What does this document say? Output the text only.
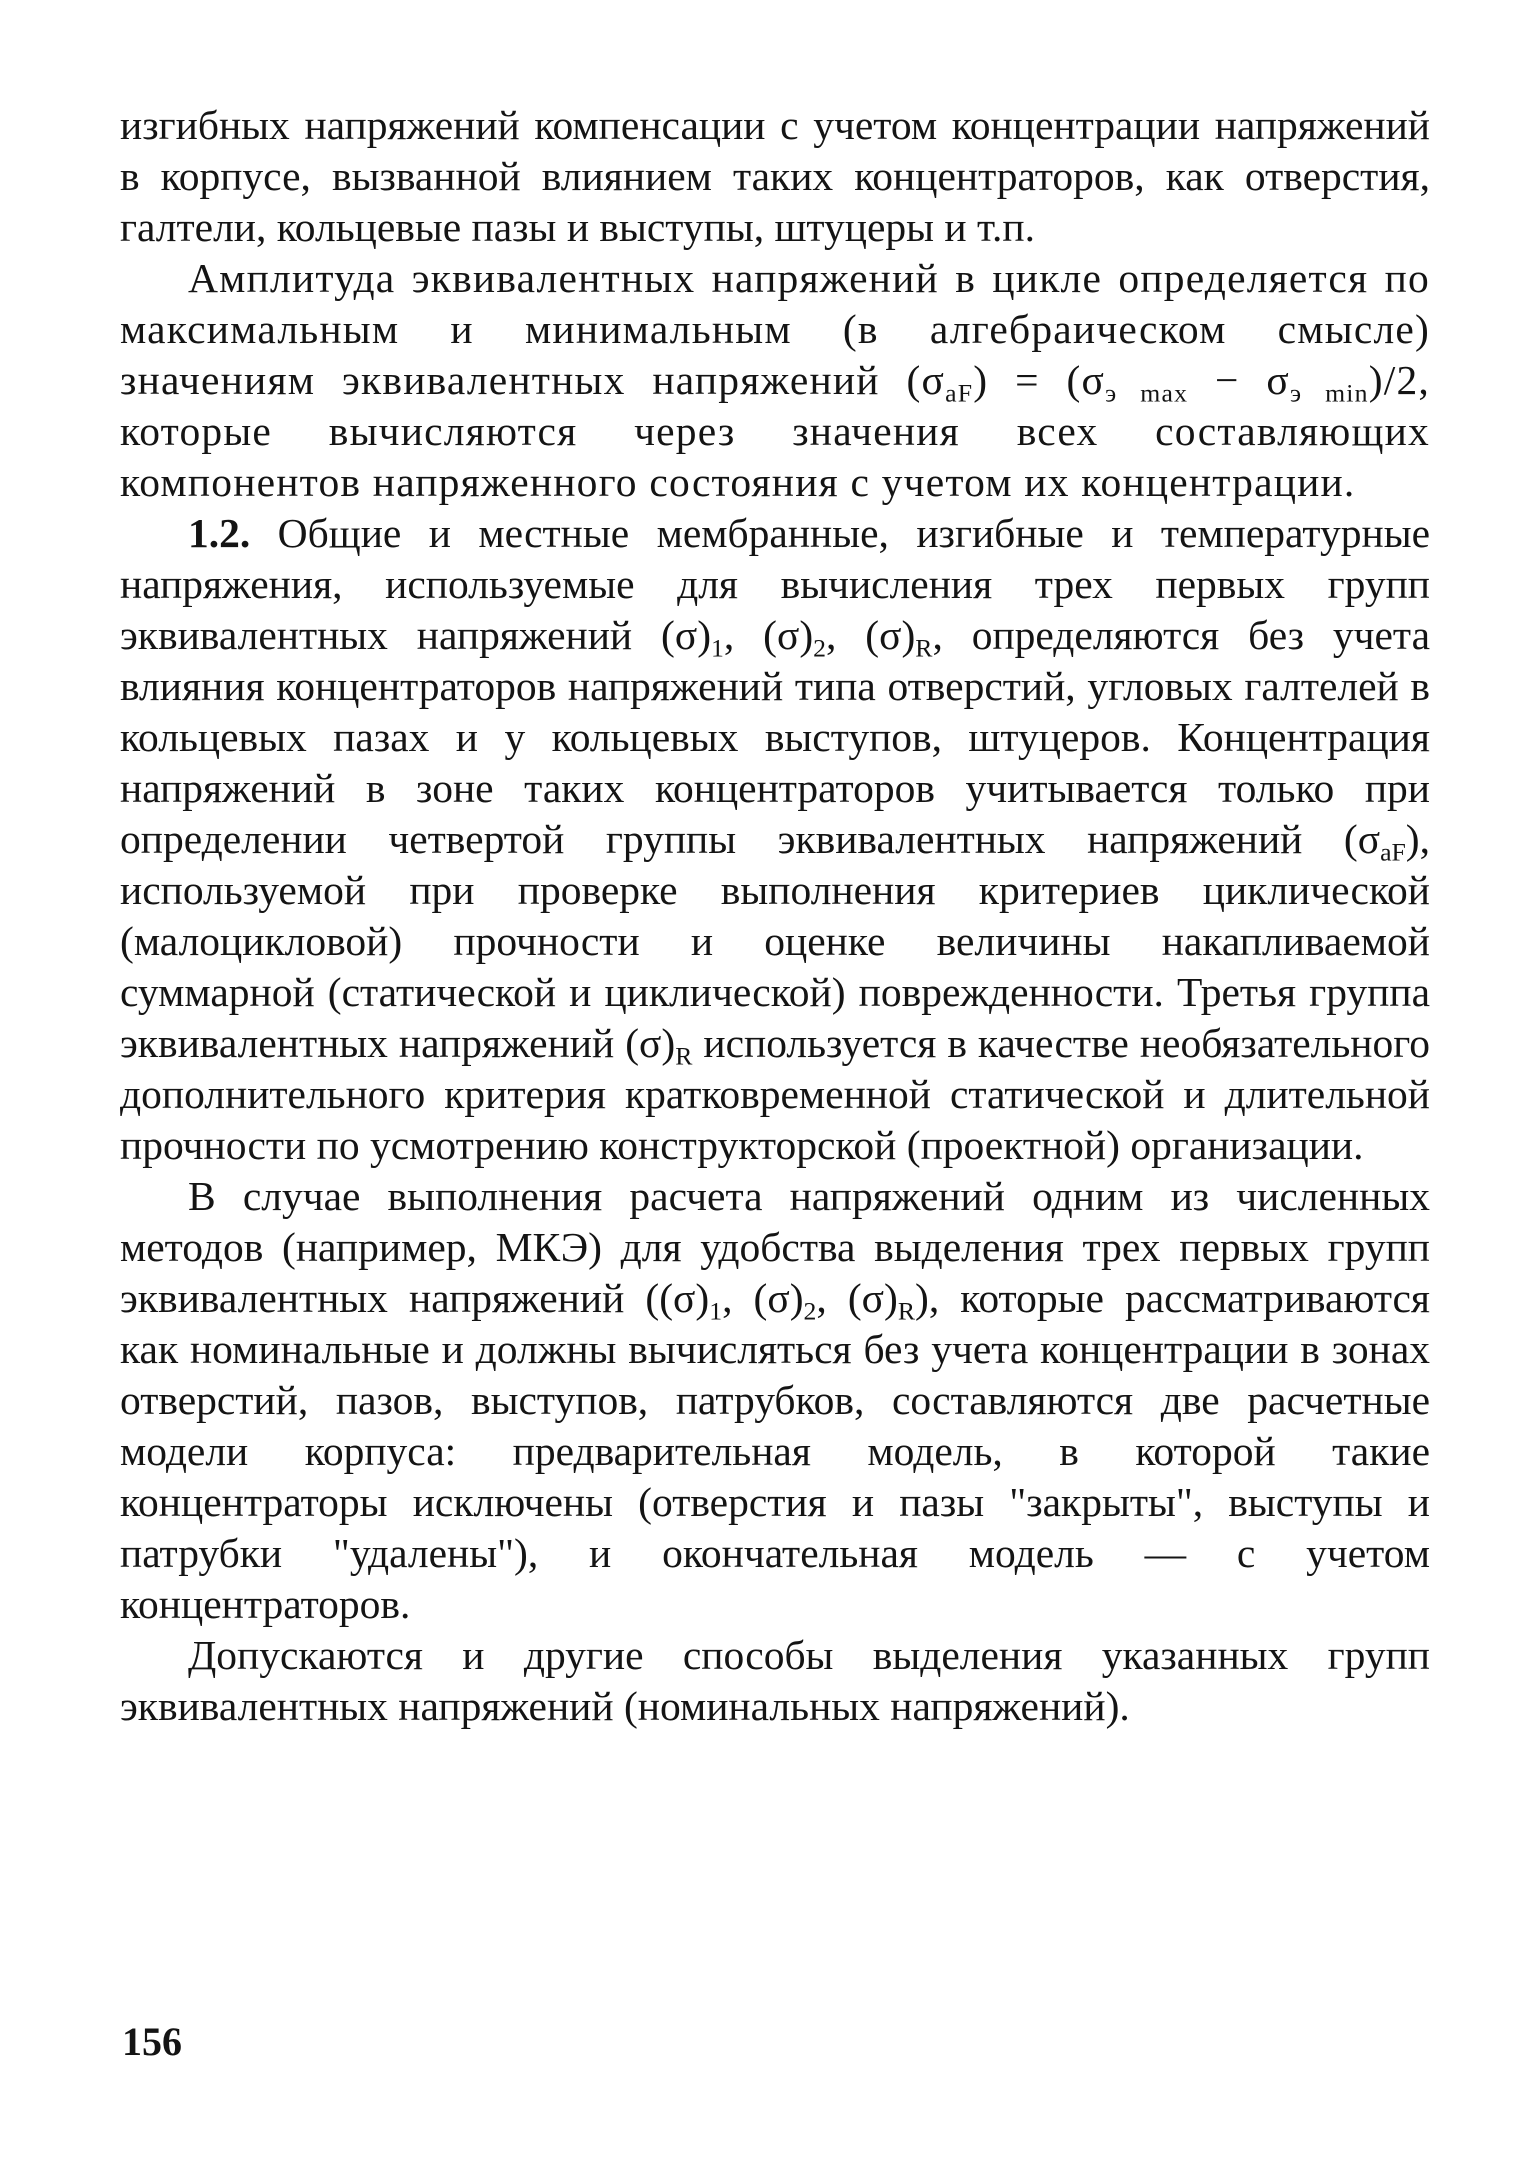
изгибных напряжений компенсации с учетом концентрации напряжений в корпусе, вызванной влиянием таких концентраторов, как отверстия, галтели, кольцевые пазы и выступы, штуцеры и т.п.

Амплитуда эквивалентных напряжений в цикле определяется по максимальным и минимальным (в алгебраическом смысле) значениям эквивалентных напряжений $(\sigma_{aF}) = (\sigma_{э max} - \sigma_{э min})/2$, которые вычисляются через значения всех составляющих компонентов напряженного состояния с учетом их концентрации.

1.2. Общие и местные мембранные, изгибные и температурные напряжения, используемые для вычисления трех первых групп эквивалентных напряжений $(\sigma)_1$, $(\sigma)_2$, $(\sigma)_R$, определяются без учета влияния концентраторов напряжений типа отверстий, угловых галтелей в кольцевых пазах и у кольцевых выступов, штуцеров. Концентрация напряжений в зоне таких концентраторов учитывается только при определении четвертой группы эквивалентных напряжений $(\sigma_{aF})$, используемой при проверке выполнения критериев циклической (малоцикловой) прочности и оценке величины накапливаемой суммарной (статической и циклической) поврежденности. Третья группа эквивалентных напряжений $(\sigma)_R$ используется в качестве необязательного дополнительного критерия кратковременной статической и длительной прочности по усмотрению конструкторской (проектной) организации.

В случае выполнения расчета напряжений одним из численных методов (например, МКЭ) для удобства выделения трех первых групп эквивалентных напряжений ($(\sigma)_1$, $(\sigma)_2$, $(\sigma)_R$), которые рассматриваются как номинальные и должны вычисляться без учета концентрации в зонах отверстий, пазов, выступов, патрубков, составляются две расчетные модели корпуса: предварительная модель, в которой такие концентраторы исключены (отверстия и пазы "закрыты", выступы и патрубки "удалены"), и окончательная модель — с учетом концентраторов.

Допускаются и другие способы выделения указанных групп эквивалентных напряжений (номинальных напряжений).

156
